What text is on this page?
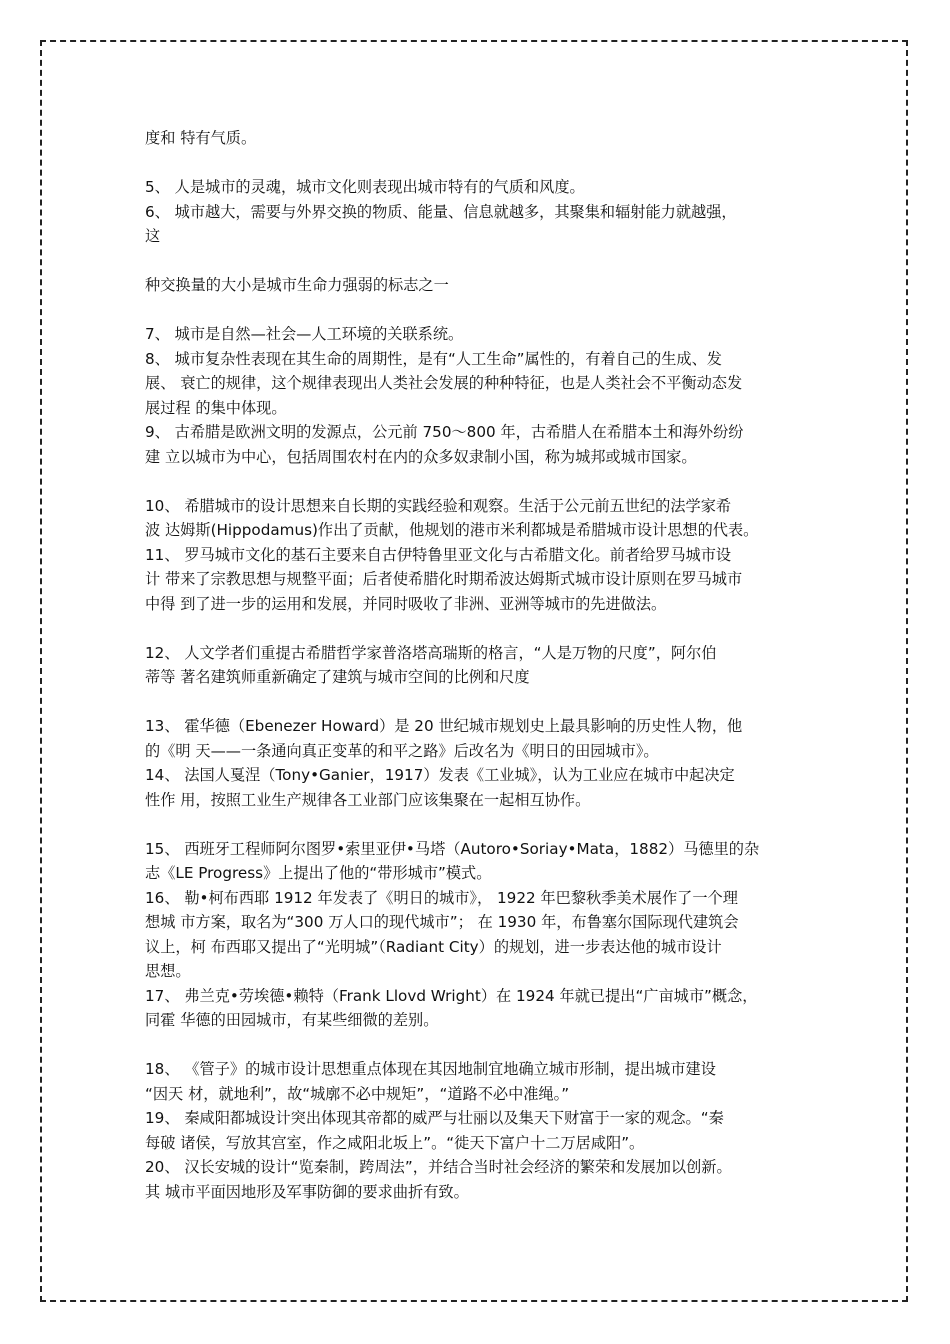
度和 特有气质。
5、 人是城市的灵魂，城市文化则表现出城市特有的气质和风度。
6、 城市越大，需要与外界交换的物质、能量、信息就越多，其聚集和辐射能力就越强，
这
种交换量的大小是城市生命力强弱的标志之一
7、 城市是自然—社会—人工环境的关联系统。
8、 城市复杂性表现在其生命的周期性，是有“人工生命”属性的，有着自己的生成、发
展、 衰亡的规律，这个规律表现出人类社会发展的种种特征，也是人类社会不平衡动态发
展过程 的集中体现。
9、 古希腊是欧洲文明的发源点，公元前 750～800 年，古希腊人在希腊本土和海外纷纷
建 立以城市为中心，包括周围农村在内的众多奴隶制小国，称为城邦或城市国家。
10、 希腊城市的设计思想来自长期的实践经验和观察。生活于公元前五世纪的法学家希
波 达姆斯(Hippodamus)作出了贡献，他规划的港市米利都城是希腊城市设计思想的代表。
11、 罗马城市文化的基石主要来自古伊特鲁里亚文化与古希腊文化。前者给罗马城市设
计 带来了宗教思想与规整平面；后者使希腊化时期希波达姆斯式城市设计原则在罗马城市
中得 到了进一步的运用和发展，并同时吸收了非洲、亚洲等城市的先进做法。
12、 人文学者们重提古希腊哲学家普洛塔高瑞斯的格言，“人是万物的尺度”，阿尔伯
蒂等 著名建筑师重新确定了建筑与城市空间的比例和尺度
13、 霍华德（Ebenezer Howard）是 20 世纪城市规划史上最具影响的历史性人物，他
的《明 天——一条通向真正变革的和平之路》后改名为《明日的田园城市》。
14、 法国人戛涅（Tony•Ganier，1917）发表《工业城》，认为工业应在城市中起决定
性作 用，按照工业生产规律各工业部门应该集聚在一起相互协作。
15、 西班牙工程师阿尔图罗•索里亚伊•马塔（Autoro•Soriay•Mata，1882）马德里的杂
志《LE Progress》上提出了他的“带形城市”模式。
16、 勒•柯布西耶 1912 年发表了《明日的城市》， 1922 年巴黎秋季美术展作了一个理
想城 市方案，取名为“300 万人口的现代城市”； 在 1930 年，布鲁塞尔国际现代建筑会
议上，柯 布西耶又提出了“光明城”（Radiant City）的规划，进一步表达他的城市设计
思想。
17、 弗兰克•劳埃德•赖特（Frank Llovd Wright）在 1924 年就已提出“广亩城市”概念，
同霍 华德的田园城市，有某些细微的差别。
18、 《管子》的城市设计思想重点体现在其因地制宜地确立城市形制，提出城市建设
“因天 材，就地利”，故“城廓不必中规矩”，“道路不必中准绳。”
19、 秦咸阳都城设计突出体现其帝都的威严与壮丽以及集天下财富于一家的观念。“秦
每破 诸侯，写放其宫室，作之咸阳北坂上”。“徙天下富户十二万居咸阳”。
20、 汉长安城的设计“览秦制，跨周法”，并结合当时社会经济的繁荣和发展加以创新。
其 城市平面因地形及军事防御的要求曲折有致。
